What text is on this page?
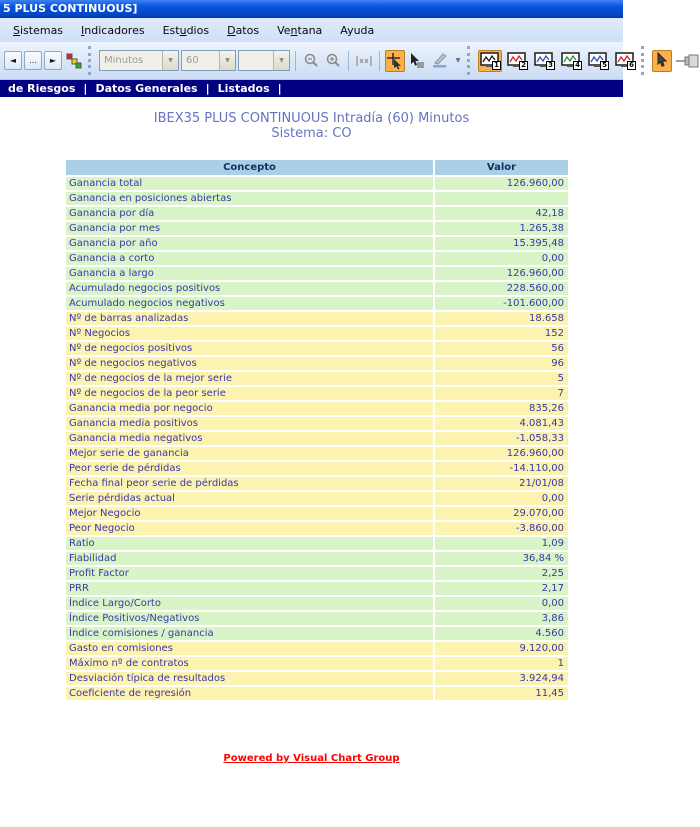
5 PLUS CONTINUOUS]
Sistemas	Indicadores	Estudios	Datos	Ventana	Ayuda
◄ ... ►	Minutos	▼	60	▼	▼	▼	1	2	3	4	5	6
de Riesgos | Datos Generales | Listados |
IBEX35 PLUS CONTINUOUS Intradía (60) Minutos
Sistema: CO
Concepto	Valor
Ganancia total	126.960,00
Ganancia en posiciones abiertas
Ganancia por día	42,18
Ganancia por mes	1.265,38
Ganancia por año	15.395,48
Ganancia a corto	0,00
Ganancia a largo	126.960,00
Acumulado negocios positivos	228.560,00
Acumulado negocios negativos	-101.600,00
Nº de barras analizadas	18.658
Nº Negocios	152
Nº de negocios positivos	56
Nº de negocios negativos	96
Nº de negocios de la mejor serie	5
Nº de negocios de la peor serie	7
Ganancia media por negocio	835,26
Ganancia media positivos	4.081,43
Ganancia media negativos	-1.058,33
Mejor serie de ganancia	126.960,00
Peor serie de pérdidas	-14.110,00
Fecha final peor serie de pérdidas	21/01/08
Serie pérdidas actual	0,00
Mejor Negocio	29.070,00
Peor Negocio	-3.860,00
Ratio	1,09
Fiabilidad	36,84 %
Profit Factor	2,25
PRR	2,17
Índice Largo/Corto	0,00
Índice Positivos/Negativos	3,86
Índice comisiones / ganancia	4.560
Gasto en comisiones	9.120,00
Máximo nº de contratos	1
Desviación típica de resultados	3.924,94
Coeficiente de regresión	11,45
Powered by Visual Chart Group
